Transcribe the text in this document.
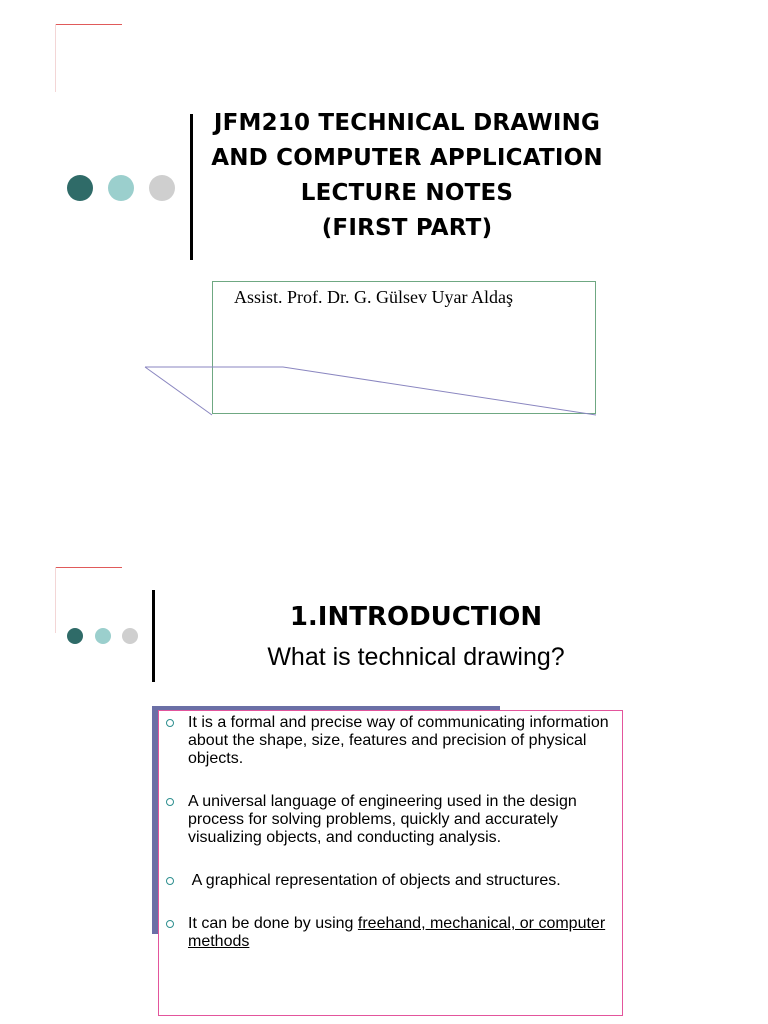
JFM210 TECHNICAL DRAWING
AND COMPUTER APPLICATION
LECTURE NOTES
(FIRST PART)
Assist. Prof. Dr. G. Gülsev Uyar Aldaş
1.INTRODUCTION
What is technical drawing?
It is a formal and precise way of communicating information about the shape, size, features and precision of physical objects.
A universal language of engineering used in the design process for solving problems, quickly and accurately visualizing objects, and conducting analysis.
A graphical representation of objects and structures.
It can be done by using freehand, mechanical, or computer methods
